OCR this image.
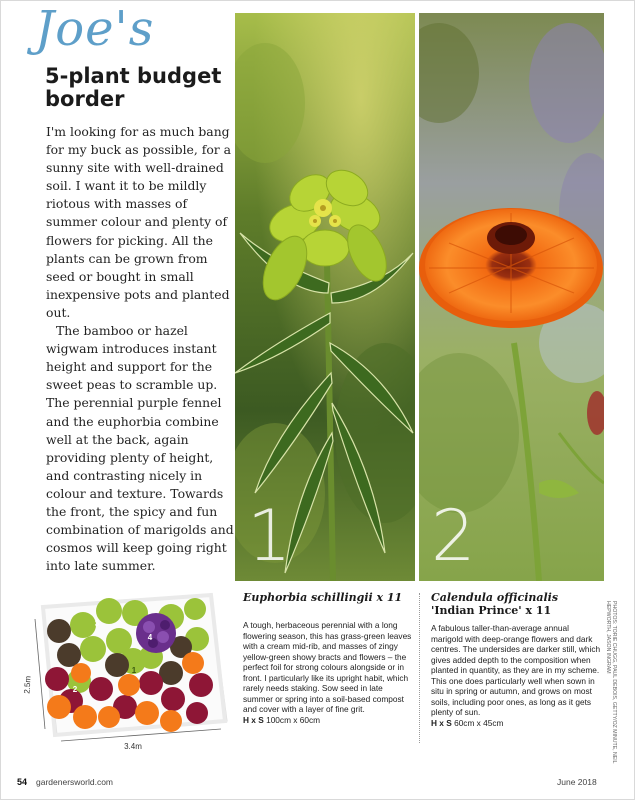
Joe's
5-plant budget border

I'm looking for as much bang for my buck as possible, for a sunny site with well-drained soil. I want it to be mildly riotous with masses of summer colour and plenty of flowers for picking. All the plants can be grown from seed or bought in small inexpensive pots and planted out.

The bamboo or hazel wigwam introduces instant height and support for the sweet peas to scramble up. The perennial purple fennel and the euphorbia combine well at the back, again providing plenty of height, and contrasting nicely in colour and texture. Towards the front, the spicy and fun combination of marigolds and cosmos will keep going right into late summer.	1 2

Euphorbia schillingii x 11

A tough, herbaceous perennial with a long flowering season, this has grass-green leaves with a cream mid-rib, and masses of zingy yellow-green showy bracts and flowers – the perfect foil for strong colours alongside or in front. I particularly like its upright habit, which rarely needs staking. Sow seed in late summer or spring into a soil-based compost and cover with a layer of fine grit.

H x S 100cm x 60cm

Calendula officinalis
'Indian Prince' x 11

A fabulous taller-than-average annual marigold with deep-orange flowers and dark centres. The undersides are darker still, which gives added depth to the composition when planted in quantity, as they are in my scheme. This one does particularly well when sown in situ in spring or autumn, and grows on most soils, including poor ones, as long as it gets plenty of sun.

H x S 60cm x 45cm	PHOTOS: TORIE CHUGG, PAUL DEBOIS, GETTY/OZ MINUTE, NEIL HEPWORTH, JASON INGRAM
1
2
3
4
5
2.5m
3.4m
54 gardenersworld.com	June 2018
